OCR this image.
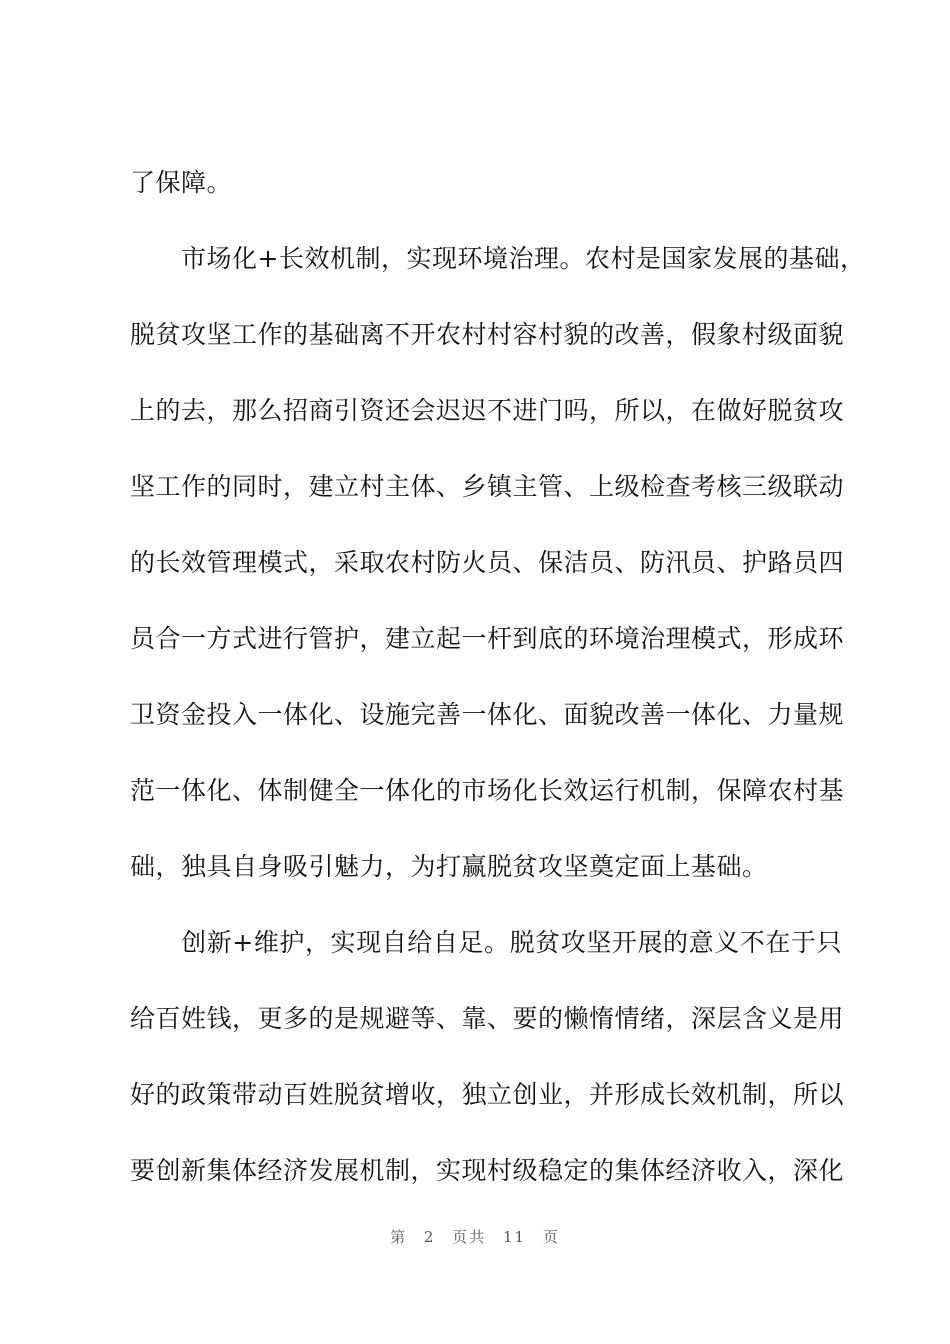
了保障。
　　市场化+长效机制，实现环境治理。农村是国家发展的基础，
脱贫攻坚工作的基础离不开农村村容村貌的改善，假象村级面貌
上的去，那么招商引资还会迟迟不进门吗，所以，在做好脱贫攻
坚工作的同时，建立村主体、乡镇主管、上级检查考核三级联动
的长效管理模式，采取农村防火员、保洁员、防汛员、护路员四
员合一方式进行管护，建立起一杆到底的环境治理模式，形成环
卫资金投入一体化、设施完善一体化、面貌改善一体化、力量规
范一体化、体制健全一体化的市场化长效运行机制，保障农村基
础，独具自身吸引魅力，为打赢脱贫攻坚奠定面上基础。
　　创新+维护，实现自给自足。脱贫攻坚开展的意义不在于只
给百姓钱，更多的是规避等、靠、要的懒惰情绪，深层含义是用
好的政策带动百姓脱贫增收，独立创业，并形成长效机制，所以
要创新集体经济发展机制，实现村级稳定的集体经济收入，深化
第 2 页共 11 页
